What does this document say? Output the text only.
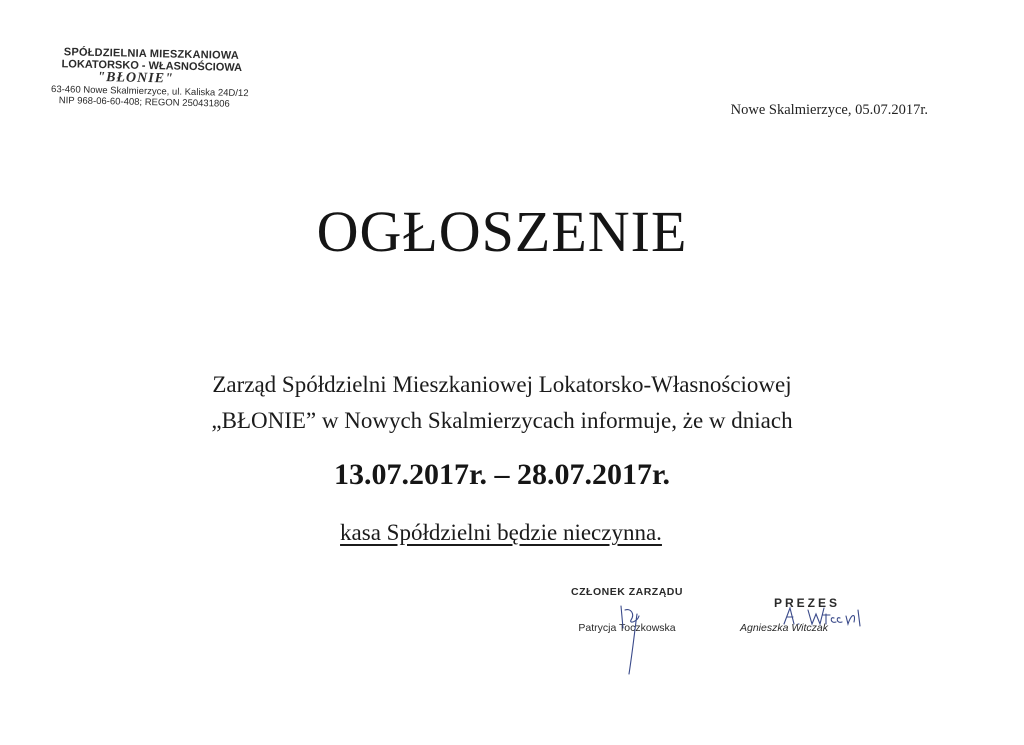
SPÓŁDZIELNIA MIESZKANIOWA
LOKATORSKO - WŁASNOŚCIOWA
"BŁONIE"
63-460 Nowe Skalmierzyce, ul. Kaliska 24D/12
NIP 968-06-60-408; REGON 250431806	Nowe Skalmierzyce, 05.07.2017r.
OGŁOSZENIE
Zarząd Spółdzielni Mieszkaniowej Lokatorsko-Własnościowej
„BŁONIE” w Nowych Skalmierzycach informuje, że w dniach
13.07.2017r. – 28.07.2017r.
kasa Spółdzielni będzie nieczynna.
CZŁONEK ZARZĄDU
Patrycja Toczkowska
PREZES
Agnieszka Witczak
